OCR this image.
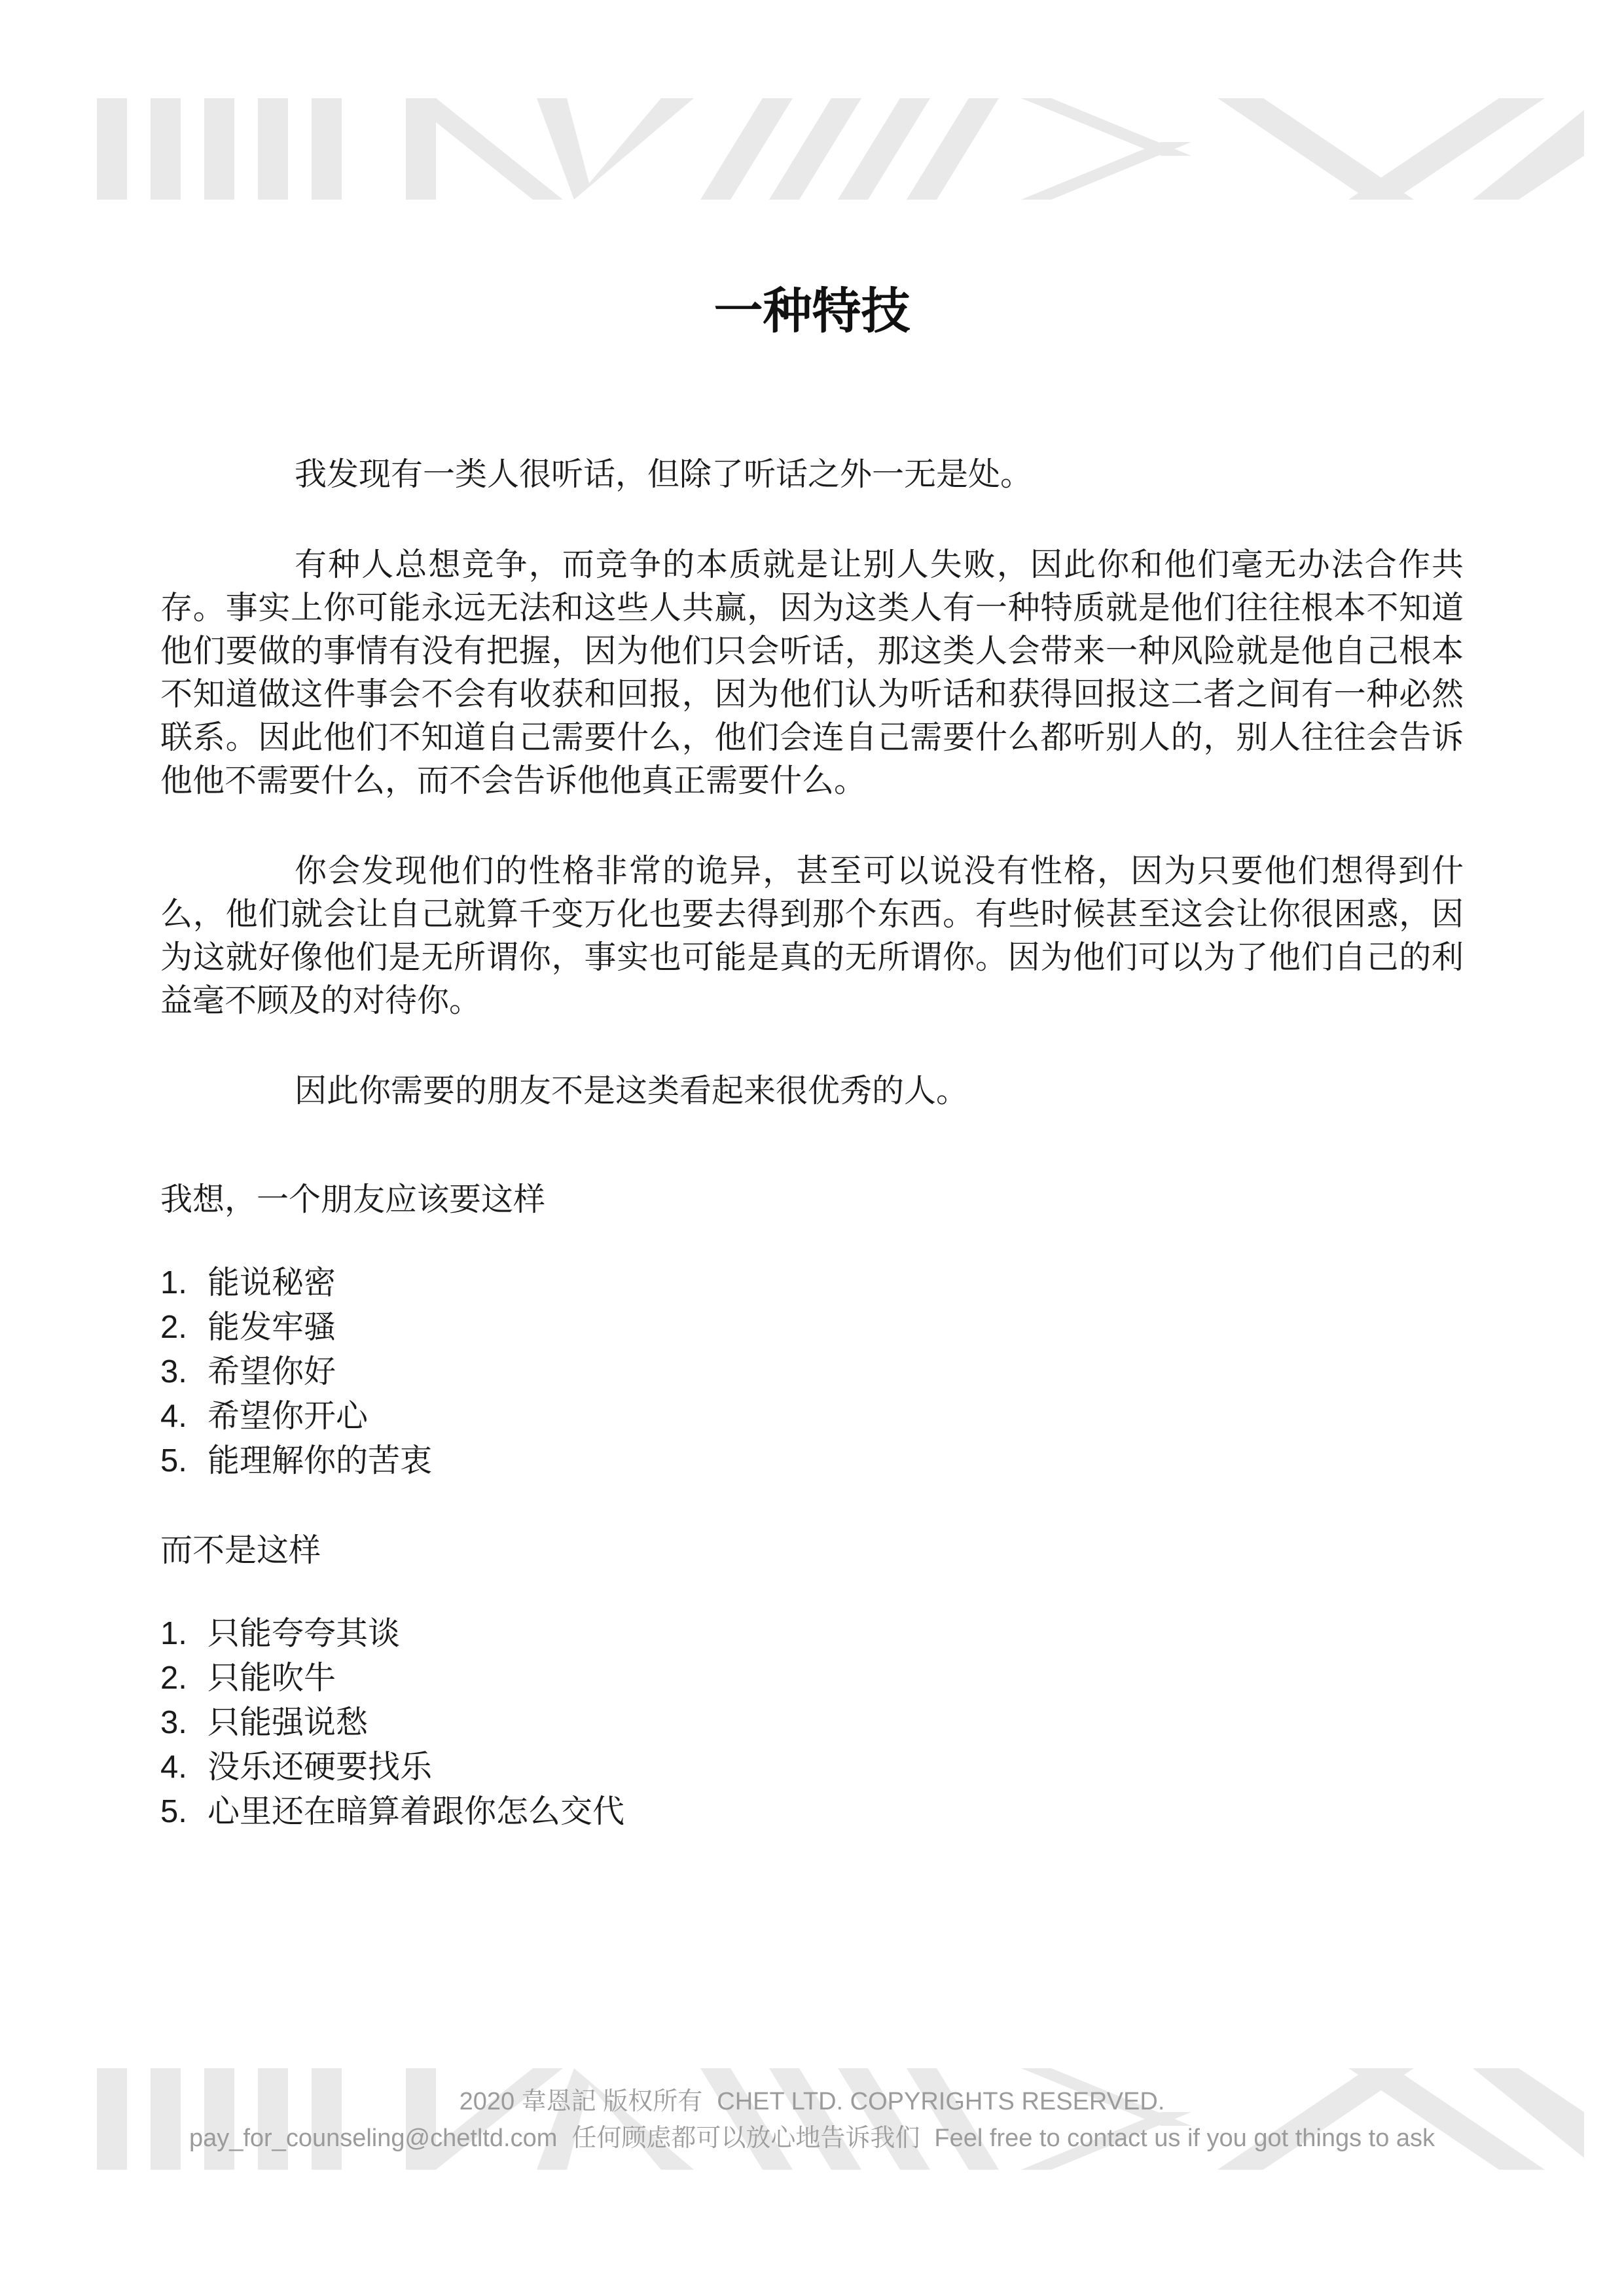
一种特技

我发现有一类人很听话，但除了听话之外一无是处。

有种人总想竞争，而竞争的本质就是让别人失败，因此你和他们毫无办法合作共存。事实上你可能永远无法和这些人共赢，因为这类人有一种特质就是他们往往根本不知道他们要做的事情有没有把握，因为他们只会听话，那这类人会带来一种风险就是他自己根本不知道做这件事会不会有收获和回报，因为他们认为听话和获得回报这二者之间有一种必然联系。因此他们不知道自己需要什么，他们会连自己需要什么都听别人的，别人往往会告诉他他不需要什么，而不会告诉他他真正需要什么。

你会发现他们的性格非常的诡异，甚至可以说没有性格，因为只要他们想得到什么，他们就会让自己就算千变万化也要去得到那个东西。有些时候甚至这会让你很困惑，因为这就好像他们是无所谓你，事实也可能是真的无所谓你。因为他们可以为了他们自己的利益毫不顾及的对待你。

因此你需要的朋友不是这类看起来很优秀的人。

我想，一个朋友应该要这样
1. 能说秘密
2. 能发牢骚
3. 希望你好
4. 希望你开心
5. 能理解你的苦衷
而不是这样
1. 只能夸夸其谈
2. 只能吹牛
3. 只能强说愁
4. 没乐还硬要找乐
5. 心里还在暗算着跟你怎么交代
2020 韋恩記 版权所有 CHET LTD. COPYRIGHTS RESERVED.
pay_for_counseling@chetltd.com 任何顾虑都可以放心地告诉我们 Feel free to contact us if you got things to ask
